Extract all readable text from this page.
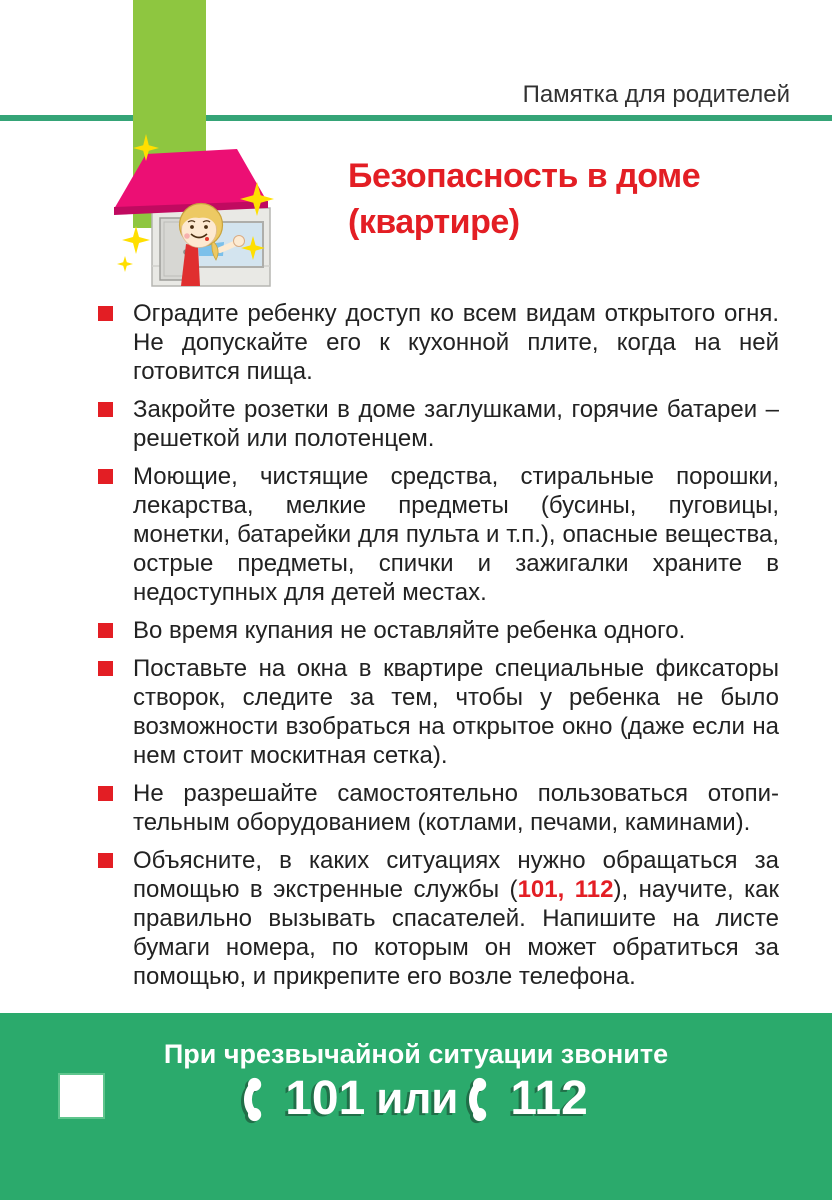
Памятка для родителей
Безопасность в доме (квартире)

Оградите ребенку доступ ко всем видам открытого огня. Не допускайте его к кухонной плите, когда на ней готовится пища.

Закройте розетки в доме заглушками, горячие батареи – решеткой или полотенцем.

Моющие, чистящие средства, стиральные порошки, лекарства, мелкие предметы (бусины, пуговицы, монетки, батарейки для пульта и т.п.), опасные вещества, острые предметы, спички и зажигалки храните в недоступных для детей местах.

Во время купания не оставляйте ребенка одного.

Поставьте на окна в квартире специальные фиксаторы створок, следите за тем, чтобы у ребенка не было возможности взобраться на открытое окно (даже если на нем стоит москитная сетка).

Не разрешайте самостоятельно пользоваться отопительным оборудованием (котлами, печами, каминами).

Объясните, в каких ситуациях нужно обращаться за помощью в экстренные службы (101, 112), научите, как правильно вызывать спасателей. Напишите на листе бумаги номера, по которым он может обратиться за помощью, и прикрепите его возле телефона.

При чрезвычайной ситуации звоните

101 или 112
